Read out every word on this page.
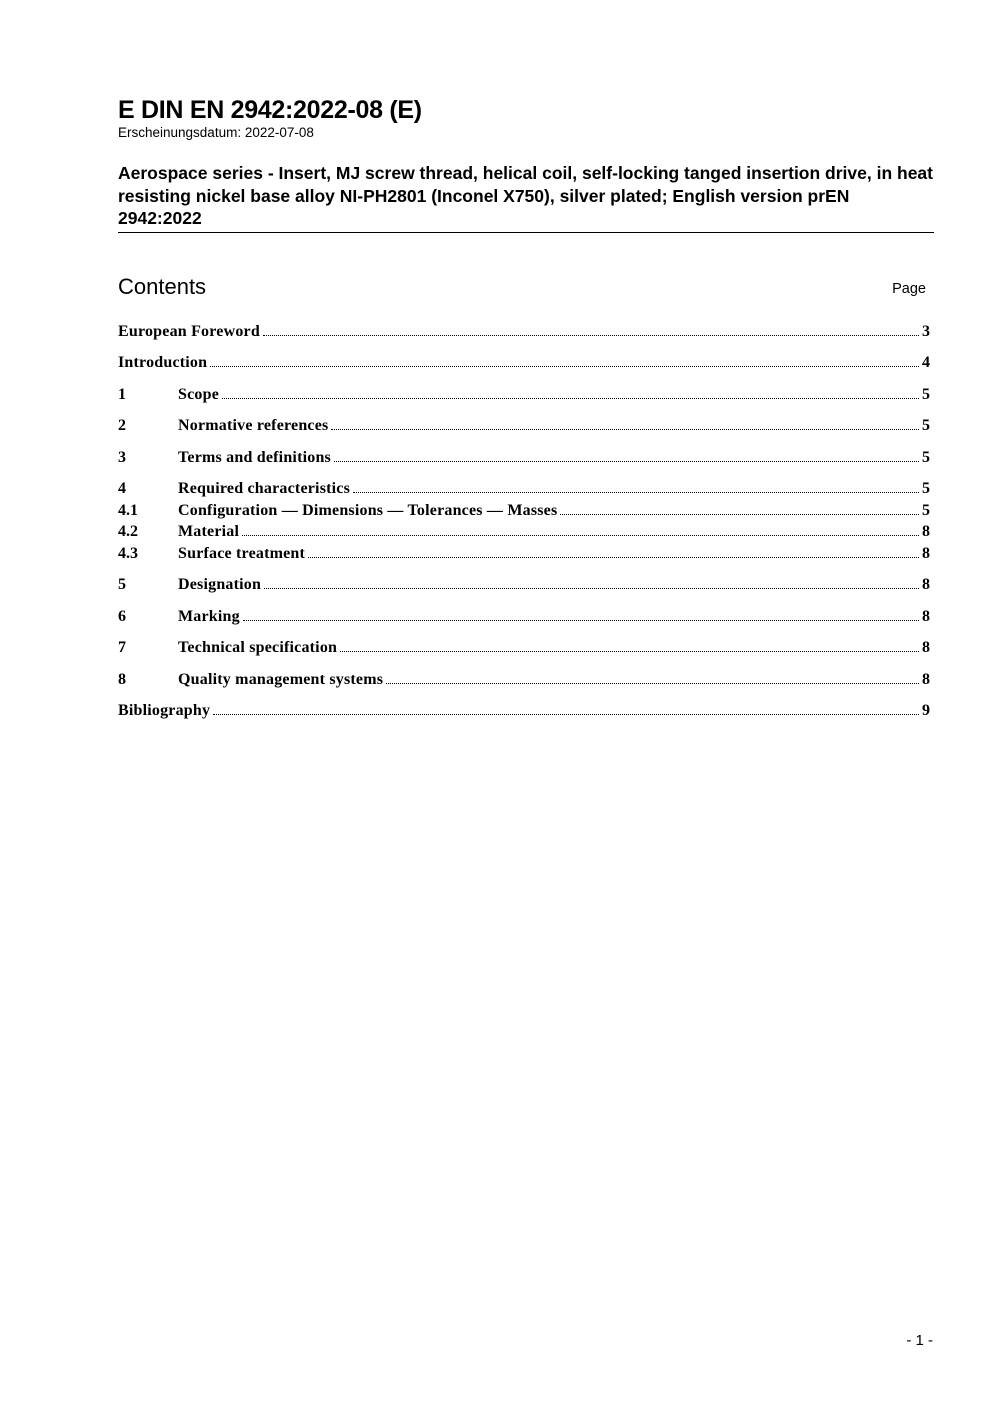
E DIN EN 2942:2022-08 (E)
Erscheinungsdatum: 2022-07-08
Aerospace series - Insert, MJ screw thread, helical coil, self-locking tanged insertion drive, in heat resisting nickel base alloy NI-PH2801 (Inconel X750), silver plated; English version prEN 2942:2022
Contents	Page
European Foreword	3
Introduction	4
1	Scope	5
2	Normative references	5
3	Terms and definitions	5
4	Required characteristics	5
4.1	Configuration — Dimensions — Tolerances — Masses	5
4.2	Material	8
4.3	Surface treatment	8
5	Designation	8
6	Marking	8
7	Technical specification	8
8	Quality management systems	8
Bibliography	9
- 1 -
